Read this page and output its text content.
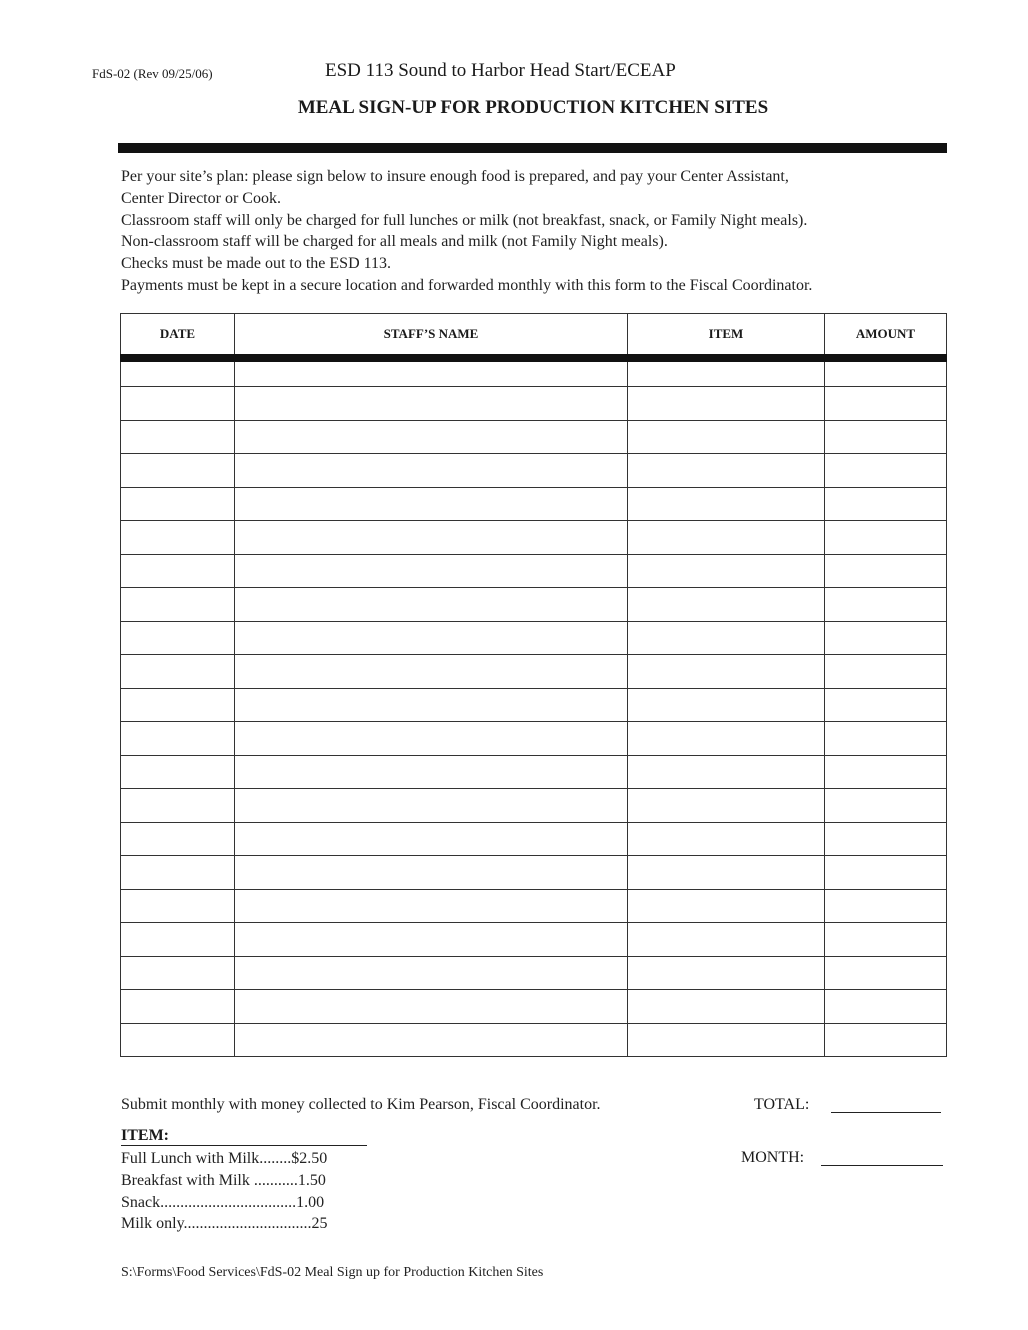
FdS-02 (Rev 09/25/06)	ESD 113 Sound to Harbor Head Start/ECEAP
MEAL SIGN-UP FOR PRODUCTION KITCHEN SITES
Per your site’s plan: please sign below to insure enough food is prepared, and pay your Center Assistant,
Center Director or Cook.
Classroom staff will only be charged for full lunches or milk (not breakfast, snack, or Family Night meals).
Non-classroom staff will be charged for all meals and milk (not Family Night meals).
Checks must be made out to the ESD 113.
Payments must be kept in a secure location and forwarded monthly with this form to the Fiscal Coordinator.
DATE	STAFF’S NAME	ITEM	AMOUNT

Submit monthly with money collected to Kim Pearson, Fiscal Coordinator.	TOTAL:
MONTH:
ITEM:
Full Lunch with Milk........$2.50
Breakfast with Milk ...........1.50
Snack..................................1.00
Milk only................................25
S:\Forms\Food Services\FdS-02 Meal Sign up for Production Kitchen Sites
